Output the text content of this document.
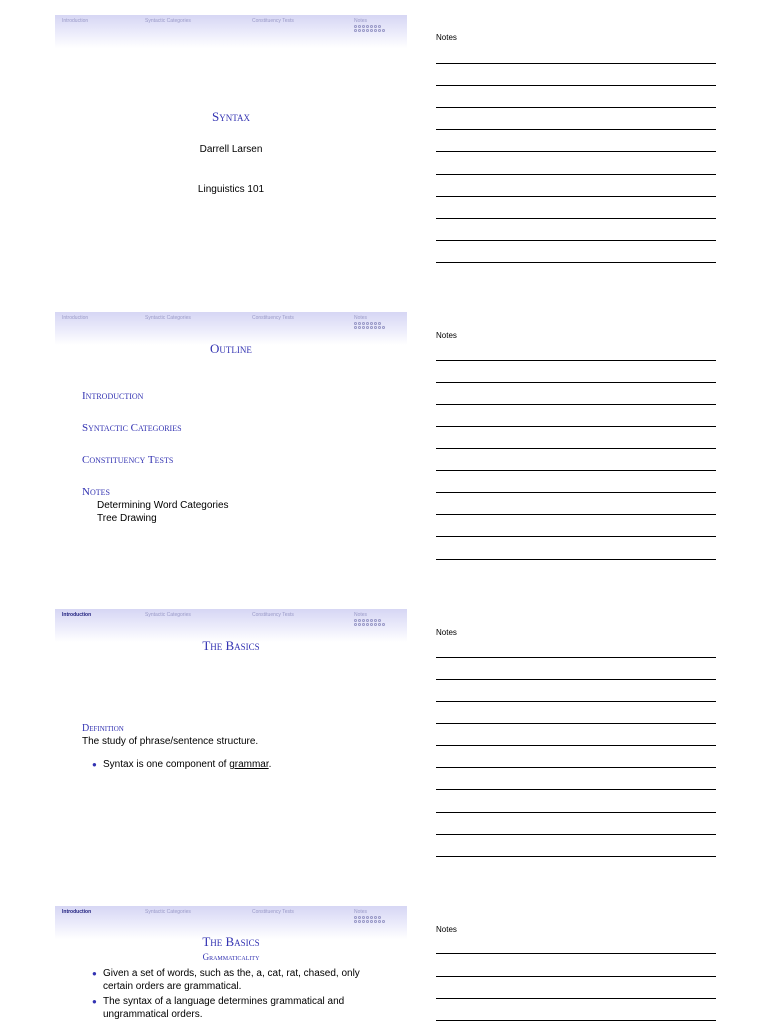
Introduction	Syntactic Categories	Constituency Tests	Notes
Syntax
Darrell Larsen
Linguistics 101
Introduction	Syntactic Categories	Constituency Tests	Notes
Outline
Introduction
Syntactic Categories
Constituency Tests
Notes
Determining Word Categories
Tree Drawing
Introduction	Syntactic Categories	Constituency Tests	Notes
The Basics
Definition
The study of phrase/sentence structure.
● Syntax is one component of grammar.
Introduction	Syntactic Categories	Constituency Tests	Notes
The Basics
Grammaticality
● Given a set of words, such as the, a, cat, rat, chased, only certain orders are grammatical.
● The syntax of a language determines grammatical and ungrammatical orders.
Notes
Notes
Notes
Notes
